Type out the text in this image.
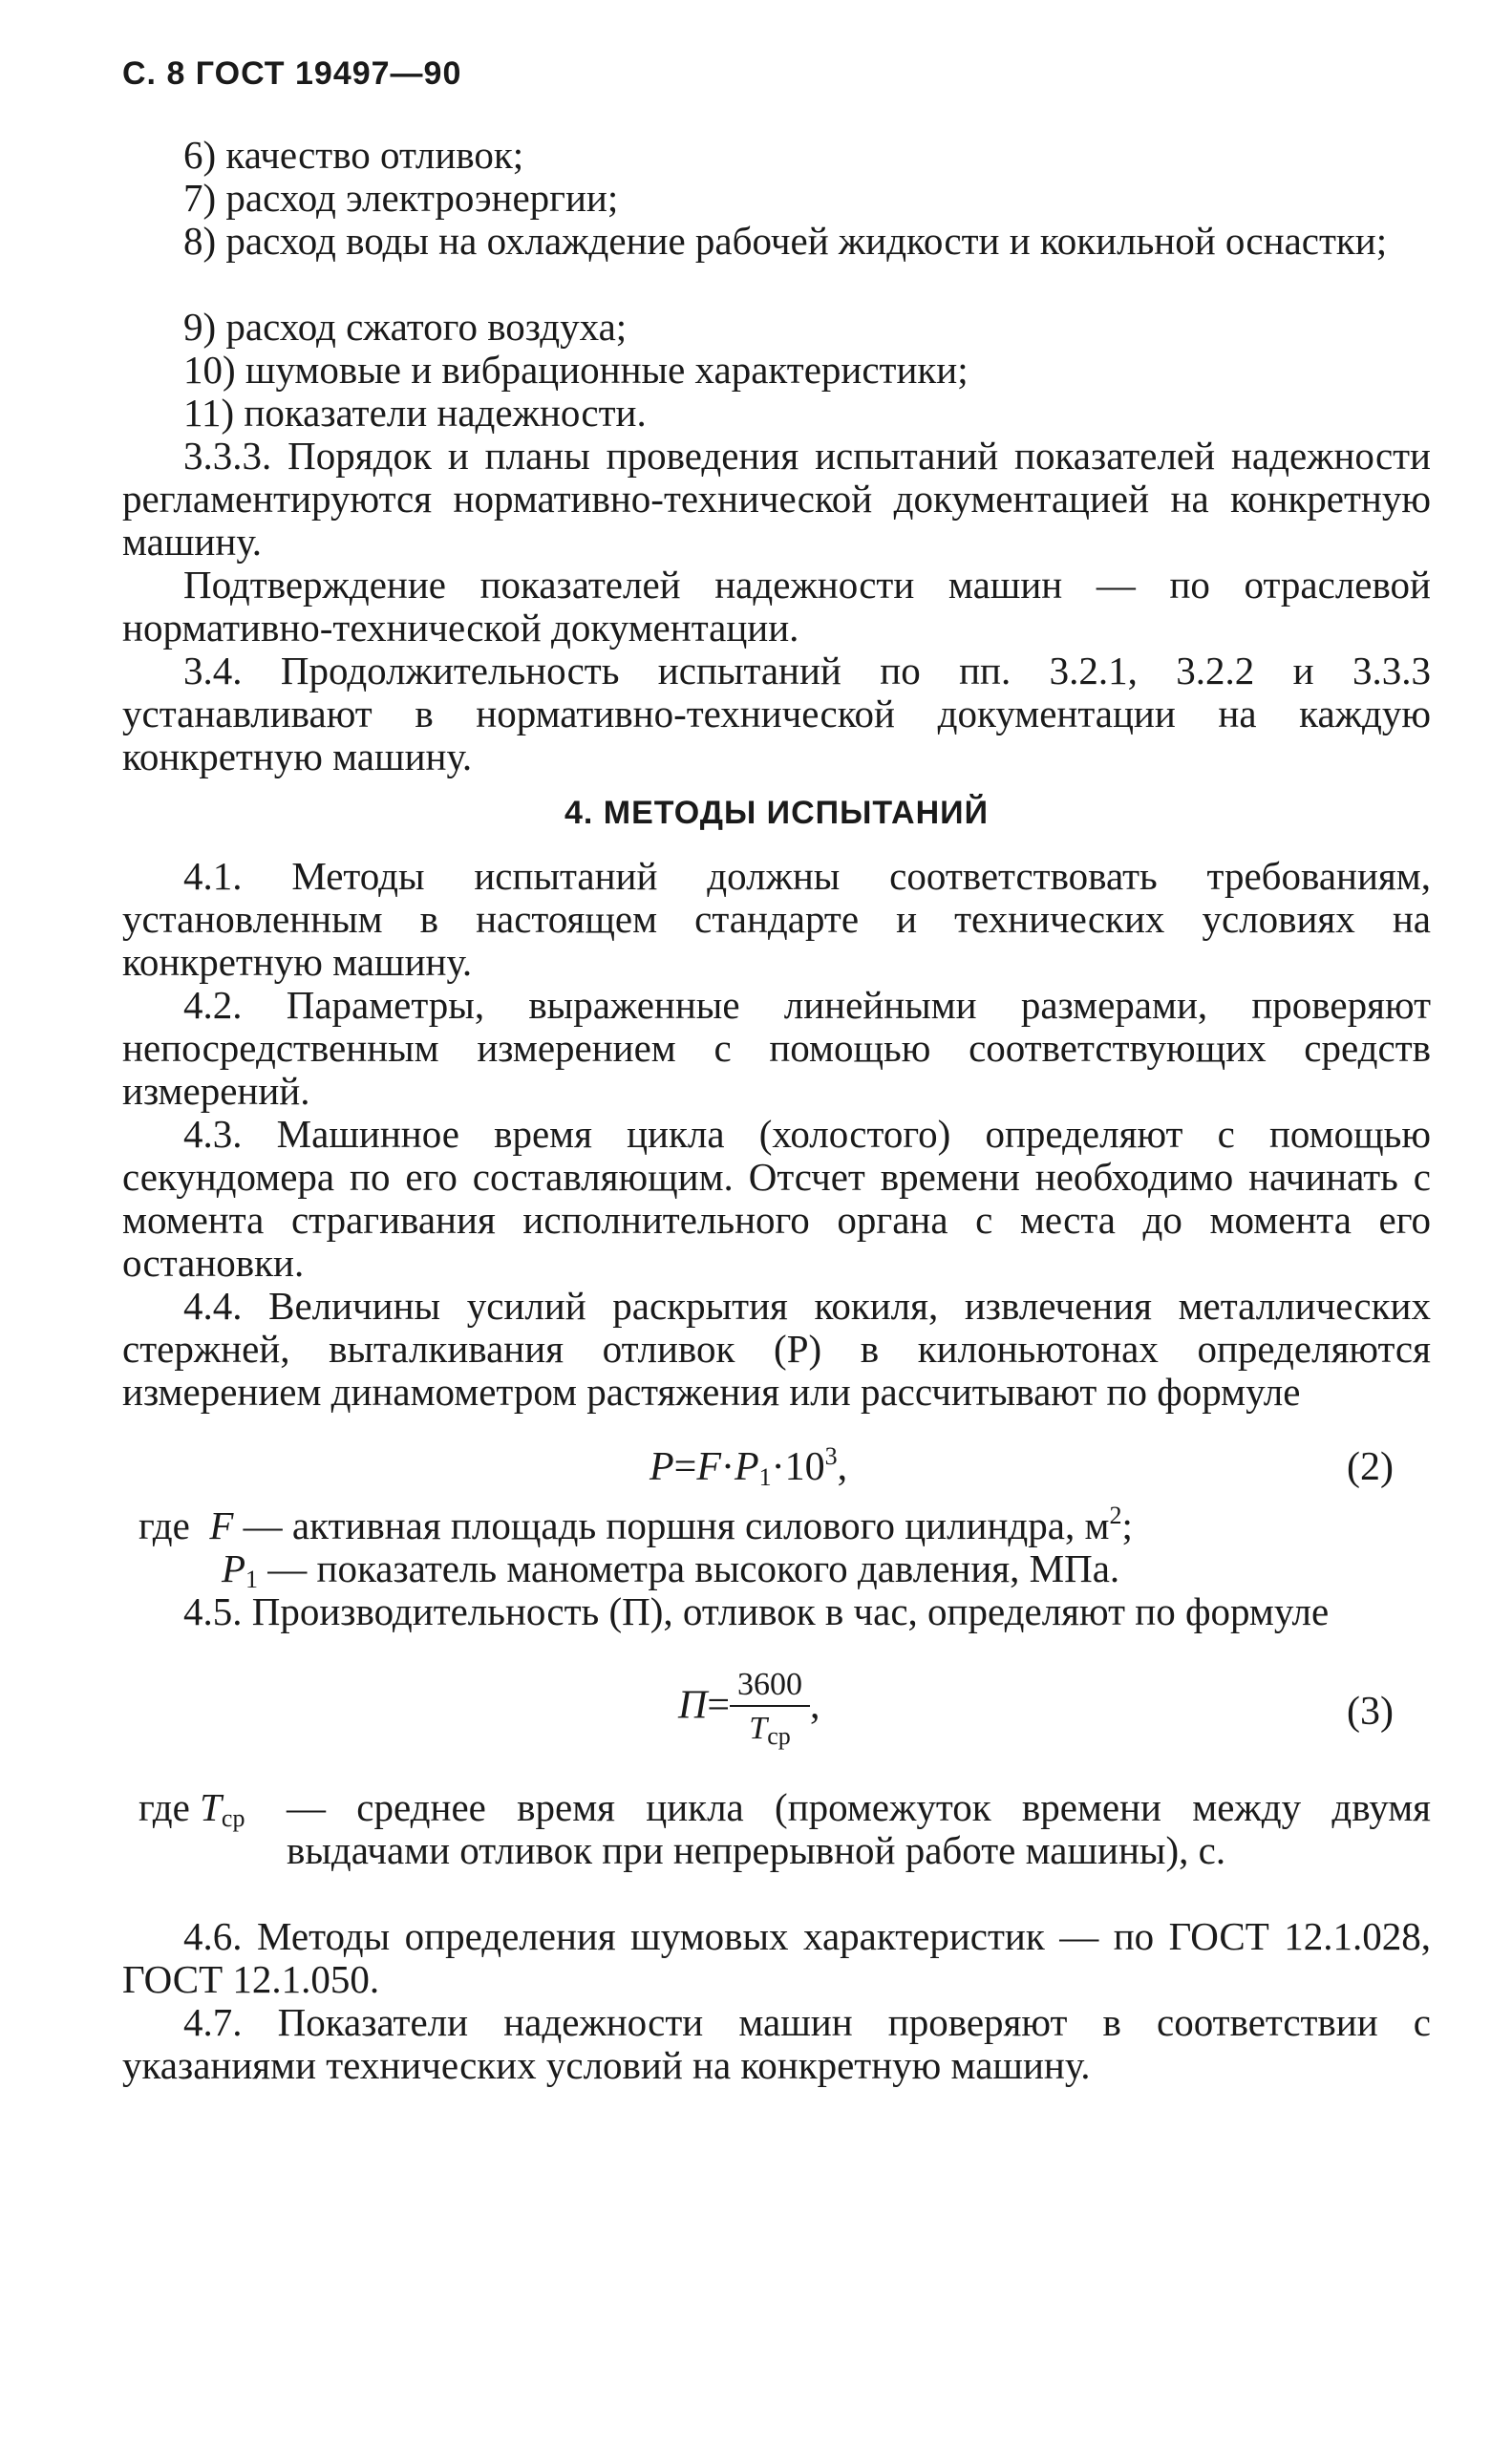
С. 8 ГОСТ 19497—90
6) качество отливок;
7) расход электроэнергии;
8) расход воды на охлаждение рабочей жидкости и кокильной оснастки;
9) расход сжатого воздуха;
10) шумовые и вибрационные характеристики;
11) показатели надежности.
3.3.3. Порядок и планы проведения испытаний показателей надежности регламентируются нормативно-технической документацией на конкретную машину.
Подтверждение показателей надежности машин — по отраслевой нормативно-технической документации.
3.4. Продолжительность испытаний по пп. 3.2.1, 3.2.2 и 3.3.3 устанавливают в нормативно-технической документации на каждую конкретную машину.
4. МЕТОДЫ ИСПЫТАНИЙ
4.1. Методы испытаний должны соответствовать требованиям, установленным в настоящем стандарте и технических условиях на конкретную машину.
4.2. Параметры, выраженные линейными размерами, проверяют непосредственным измерением с помощью соответствующих средств измерений.
4.3. Машинное время цикла (холостого) определяют с помощью секундомера по его составляющим. Отсчет времени необходимо начинать с момента страгивания исполнительного органа с места до момента его остановки.
4.4. Величины усилий раскрытия кокиля, извлечения металлических стержней, выталкивания отливок (P) в килоньютонах определяются измерением динамометром растяжения или рассчитывают по формуле
$P=F\cdot P_1\cdot 10^3$,	(2)
где F — активная площадь поршня силового цилиндра, $м^2$;
$P_1$ — показатель манометра высокого давления, МПа.
4.5. Производительность (П), отливок в час, определяют по формуле
$П= \frac{3600}{T_{ср}}$ ,	(3)
где $T_{ср}$	— среднее время цикла (промежуток времени между двумя выдачами отливок при непрерывной работе машины), с.
4.6. Методы определения шумовых характеристик — по ГОСТ 12.1.028, ГОСТ 12.1.050.
4.7. Показатели надежности машин проверяют в соответствии с указаниями технических условий на конкретную машину.
